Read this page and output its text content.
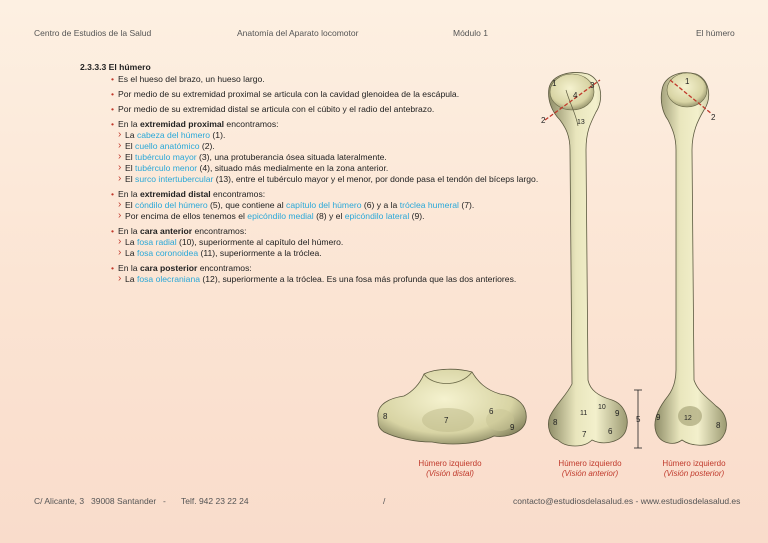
Centro de Estudios de la Salud	Anatomía del Aparato locomotor	Módulo 1	El húmero
2.3.3.3 El húmero
• Es el hueso del brazo, un hueso largo.
• Por medio de su extremidad proximal se articula con la cavidad glenoidea de la escápula.
• Por medio de su extremidad distal se articula con el cúbito y el radio del antebrazo.
• En la extremidad proximal encontramos:
› La cabeza del húmero (1).
› El cuello anatómico (2).
› El tubérculo mayor (3), una protuberancia ósea situada lateralmente.
› El tubérculo menor (4), situado más medialmente en la zona anterior.
› El surco intertubercular (13), entre el tubérculo mayor y el menor, por donde pasa el tendón del bíceps largo.
• En la extremidad distal encontramos:
› El cóndilo del húmero (5), que contiene al capítulo del húmero (6) y a la tróclea humeral (7).
› Por encima de ellos tenemos el epicóndilo medial (8) y el epicóndilo lateral (9).
• En la cara anterior encontramos:
› La fosa radial (10), superiormente al capítulo del húmero.
› La fosa coronoidea (11), superiormente a la tróclea.
• En la cara posterior encontramos:
› La fosa olecraniana (12), superiormente a la tróclea. Es una fosa más profunda que las dos anteriores.
8	7
6
9
1	3
4
2	13
8
11
7
10
6
9
5
1
2
9	12
8
Húmero izquierdo
(Visión distal)
Húmero izquierdo
(Visión anterior)
Húmero izquierdo
(Visión posterior)
C/ Alicante, 3 39008 Santander - Telf. 942 23 22 24	/	contacto@estudiosdelasalud.es - www.estudiosdelasalud.es
